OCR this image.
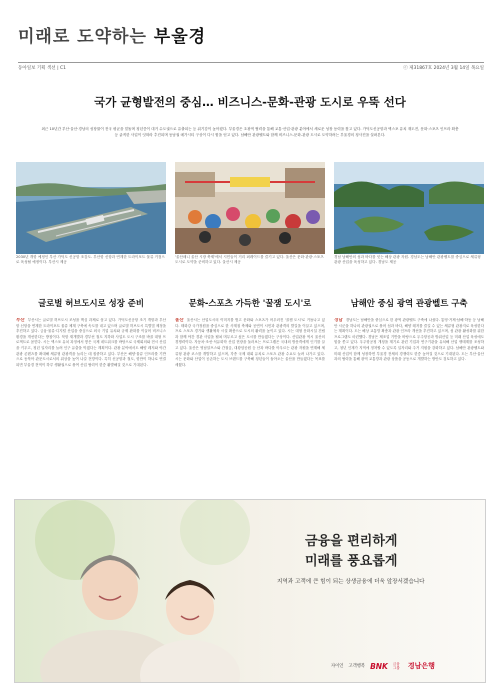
미래로 도약하는 부울경
동아일보 기획 섹션 | C1	ⓒ 제31867호 2024년 3월 14일 목요일
국가 균형발전의 중심… 비즈니스-문화-관광 도시로 우뚝 선다
최근 10년간 부산·울산·경남의 성장률이 전국 평균을 밑돌며 청년층이 대거 수도권으로 유출되는 등 위기감이 높아졌다. 부울경은 초광역 협력을 통해 교통·산업·관광 분야에서 새로운 성장 동력을 찾고 있다. 가덕도신공항과 엑스포 유치 재도전, 문화·스포츠 인프라 확충 등 굵직한 사업이 잇따라 추진되며 동남권 메가시티 구상이 다시 힘을 얻고 있다. 남해안 관광벨트와 함께 비즈니스-문화-관광 도시로 도약하려는 부울경의 청사진을 살펴본다.
2030년 개항 예정인 부산 가덕도 신공항 조감도. 부산항 신항과 연계한 트라이포트 물류 거점으로 육성될 예정이다. 부산시 제공
'울산매니 울산 시장 축제'에서 시민들이 거리 퍼레이드를 즐기고 있다. 울산은 문화·관광·스포츠 도시로 도약을 준비하고 있다. 울산시 제공
경남 남해안의 섬과 바다를 잇는 해상 관광 자원. 경남도는 남해안 관광벨트를 중심으로 체류형 관광 산업을 육성하고 있다. 경남도 제공
글로벌 허브도시로 성장 준비	문화-스포츠 가득한 '꿀잼 도시'로	남해안 중심 광역 관광벨트 구축
부산 부산시는 글로벌 허브도시 조성을 핵심 과제로 삼고 있다. 가덕도신공항 조기 개항과 부산항 신항을 연계한 트라이포트 물류 체계 구축에 속도를 내고 있으며 글로벌 허브도시 특별법 제정을 추진하고 있다. 금융·물류·디지털 산업을 중심으로 외국 기업 유치와 규제 완화를 이끌어 비즈니스 환경을 개선한다는 방침이다. 북항 재개발과 경부선 철도 지하화 사업도 도시 구조를 바꿀 대형 프로젝트로 꼽힌다. 시는 엑스포 유치 과정에서 쌓은 국제 네트워크를 바탕으로 국제회의와 전시 산업을 키우고, 청년 일자리를 늘려 인구 유출을 막겠다는 계획이다. 관광 분야에서도 해양 레저와 야간 관광 콘텐츠를 확대해 체류형 관광객을 늘리는 데 집중하고 있다. 부산은 해양·물류 인프라를 기반으로 동북아 관문도시로서의 위상을 높여 나갈 전망이다. 특히 신공항과 철도, 항만이 하나로 연결되면 부울경 전역이 하루 생활권으로 묶여 산업 협력이 한층 활발해질 것으로 기대된다.
울산 울산시는 산업도시의 이미지를 벗고 문화와 스포츠가 어우러진 '꿀잼 도시'로 거듭나고 있다. 태화강 국가정원을 중심으로 한 사계절 축제와 공연이 시민과 관광객의 발길을 이끌고 있으며, 프로 스포츠 경기와 생활체육 시설 확충으로 도시의 활력을 높이고 있다. 시는 대형 문화시설 건립과 함께 야간 경관 사업을 펼쳐 머무르고 싶은 도시를 만들겠다는 구상이다. 산업관광 역시 울산의 경쟁력이다. 자동차·조선·석유화학 산업 현장을 둘러보는 프로그램은 국내외 방문객에게 인기를 끌고 있다. 울산은 영남알프스와 간절곶, 대왕암공원 등 산과 바다를 아우르는 관광 자원을 연계해 체류형 관광 코스를 개발하고 있으며, 각종 국제 대회 유치로 스포츠 관광 수요도 늘려 나가고 있다. 시는 문화와 산업이 공존하는 도시 브랜드를 구축해 청년들이 돌아오는 울산을 만들겠다는 목표를 세웠다.
경남 경남도는 남해안을 중심으로 한 광역 관광벨트 구축에 나섰다. 통영·거제·남해·하동 등 남해안 시군을 하나의 관광권으로 묶어 섬과 바다, 해양 레저를 즐길 수 있는 체류형 관광지로 육성한다는 계획이다. 도는 해상 교통망 확충과 관광 인프라 개선을 추진하고 있으며, 섬 관광 활성화를 위한 프로그램도 마련했다. 경남은 제조업 기반을 바탕으로 우주항공과 방위산업 등 미래 산업 육성에도 힘을 쏟고 있다. 우주항공청 개청을 계기로 관련 기업과 연구기관을 유치해 산업 생태계를 조성하고, 청년 인재가 지역에 정착할 수 있도록 일자리와 주거 지원을 강화하고 있다. 남해안 관광벨트와 미래 산업이 함께 성장하면 부울경 전체의 경쟁력도 한층 높아질 것으로 기대된다. 도는 부산·울산과의 협력을 통해 광역 교통망과 관광 상품을 공동으로 개발하는 방안도 검토하고 있다.
금융을 편리하게
미래를 풍요롭게
지역과 고객에 큰 힘이 되는 상생금융에 더욱 앞장서겠습니다
자이언 고객행복 BNK 금융그룹	경남은행
